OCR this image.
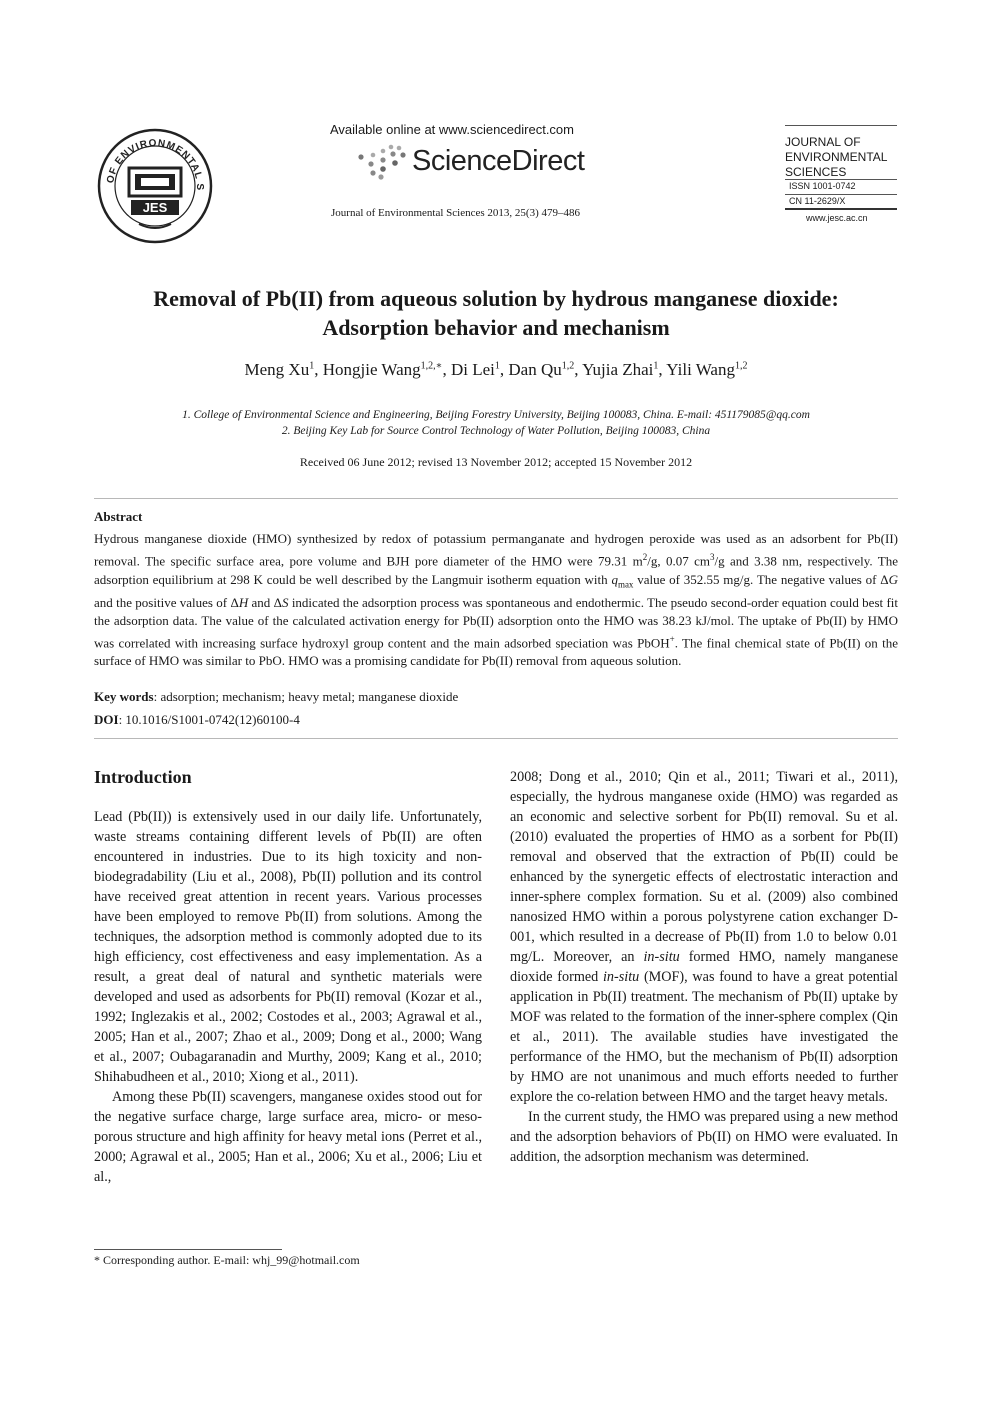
OF ENVIRONMENTAL S
JES
Available online at www.sciencedirect.com
ScienceDirect
Journal of Environmental Sciences 2013, 25(3) 479–486
JOURNAL OF
ENVIRONMENTAL
SCIENCES
ISSN 1001-0742
CN 11-2629/X
www.jesc.ac.cn
Removal of Pb(II) from aqueous solution by hydrous manganese dioxide:
Adsorption behavior and mechanism
Meng Xu$^1$, Hongjie Wang$^{1,2,∗}$, Di Lei$^1$, Dan Qu$^{1,2}$, Yujia Zhai$^1$, Yili Wang$^{1,2}$
1. College of Environmental Science and Engineering, Beijing Forestry University, Beijing 100083, China. E-mail: 451179085@qq.com
2. Beijing Key Lab for Source Control Technology of Water Pollution, Beijing 100083, China
Received 06 June 2012; revised 13 November 2012; accepted 15 November 2012
Abstract
Hydrous manganese dioxide (HMO) synthesized by redox of potassium permanganate and hydrogen peroxide was used as an adsorbent for Pb(II) removal. The specific surface area, pore volume and BJH pore diameter of the HMO were 79.31 $m^2/g$, 0.07 $cm^3/g$ and 3.38 nm, respectively. The adsorption equilibrium at 298 K could be well described by the Langmuir isotherm equation with $q_{max}$ value of 352.55 mg/g. The negative values of ΔG and the positive values of ΔH and ΔS indicated the adsorption process was spontaneous and endothermic. The pseudo second-order equation could best fit the adsorption data. The value of the calculated activation energy for Pb(II) adsorption onto the HMO was 38.23 kJ/mol. The uptake of Pb(II) by HMO was correlated with increasing surface hydroxyl group content and the main adsorbed speciation was PbOH+. The final chemical state of Pb(II) on the surface of HMO was similar to PbO. HMO was a promising candidate for Pb(II) removal from aqueous solution.
Key words: adsorption; mechanism; heavy metal; manganese dioxide
DOI: 10.1016/S1001-0742(12)60100-4
Introduction

Lead (Pb(II)) is extensively used in our daily life. Unfortunately, waste streams containing different levels of Pb(II) are often encountered in industries. Due to its high toxicity and non-biodegradability (Liu et al., 2008), Pb(II) pollution and its control have received great attention in recent years. Various processes have been employed to remove Pb(II) from solutions. Among the techniques, the adsorption method is commonly adopted due to its high efficiency, cost effectiveness and easy implementation. As a result, a great deal of natural and synthetic materials were developed and used as adsorbents for Pb(II) removal (Kozar et al., 1992; Inglezakis et al., 2002; Costodes et al., 2003; Agrawal et al., 2005; Han et al., 2007; Zhao et al., 2009; Dong et al., 2000; Wang et al., 2007; Oubagaranadin and Murthy, 2009; Kang et al., 2010; Shihabudheen et al., 2010; Xiong et al., 2011).

Among these Pb(II) scavengers, manganese oxides stood out for the negative surface charge, large surface area, micro- or meso-porous structure and high affinity for heavy metal ions (Perret et al., 2000; Agrawal et al., 2005; Han et al., 2006; Xu et al., 2006; Liu et al.,

2008; Dong et al., 2010; Qin et al., 2011; Tiwari et al., 2011), especially, the hydrous manganese oxide (HMO) was regarded as an economic and selective sorbent for Pb(II) removal. Su et al. (2010) evaluated the properties of HMO as a sorbent for Pb(II) removal and observed that the extraction of Pb(II) could be enhanced by the synergetic effects of electrostatic interaction and inner-sphere complex formation. Su et al. (2009) also combined nanosized HMO within a porous polystyrene cation exchanger D-001, which resulted in a decrease of Pb(II) from 1.0 to below 0.01 mg/L. Moreover, an in-situ formed HMO, namely manganese dioxide formed in-situ (MOF), was found to have a great potential application in Pb(II) treatment. The mechanism of Pb(II) uptake by MOF was related to the formation of the inner-sphere complex (Qin et al., 2011). The available studies have investigated the performance of the HMO, but the mechanism of Pb(II) adsorption by HMO are not unanimous and much efforts needed to further explore the co-relation between HMO and the target heavy metals.

In the current study, the HMO was prepared using a new method and the adsorption behaviors of Pb(II) on HMO were evaluated. In addition, the adsorption mechanism was determined.

* Corresponding author. E-mail: whj_99@hotmail.com
